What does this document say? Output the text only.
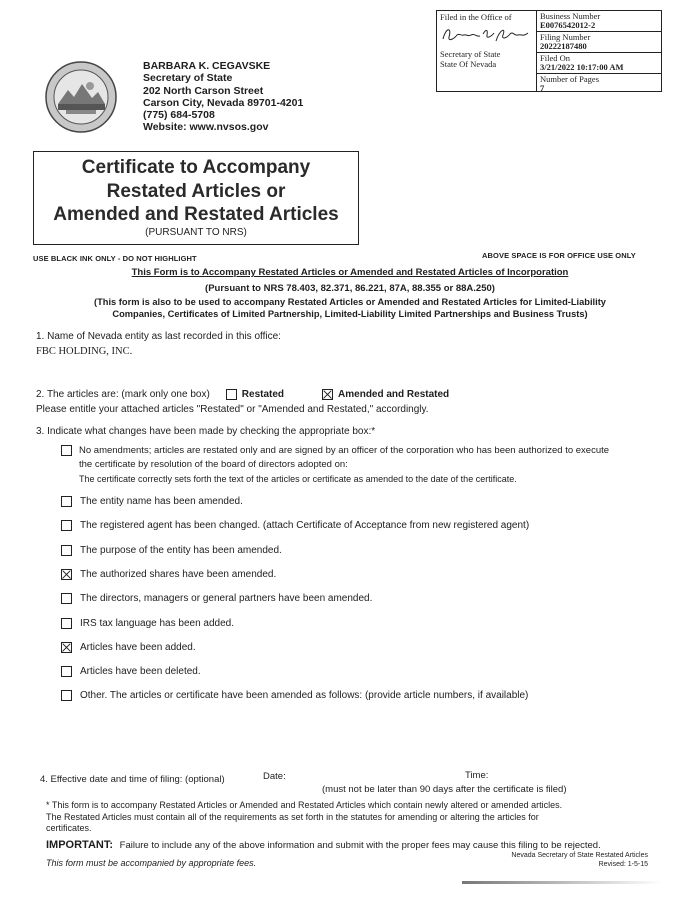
Filed in the Office of
Secretary of State
State Of Nevada
Business Number
E0076542012-2
Filing Number
20222187480
Filed On
3/21/2022 10:17:00 AM
Number of Pages
7
BARBARA K. CEGAVSKE
Secretary of State
202 North Carson Street
Carson City, Nevada 89701-4201
(775) 684-5708
Website: www.nvsos.gov
Certificate to Accompany
Restated Articles or
Amended and Restated Articles
(PURSUANT TO NRS)
USE BLACK INK ONLY - DO NOT HIGHLIGHT	ABOVE SPACE IS FOR OFFICE USE ONLY
This Form is to Accompany Restated Articles or Amended and Restated Articles of Incorporation
(Pursuant to NRS 78.403, 82.371, 86.221, 87A, 88.355 or 88A.250)
(This form is also to be used to accompany Restated Articles or Amended and Restated Articles for Limited-Liability
Companies, Certificates of Limited Partnership, Limited-Liability Limited Partnerships and Business Trusts)
1. Name of Nevada entity as last recorded in this office:
FBC HOLDING, INC.
2. The articles are: (mark only one box)	Restated	Amended and Restated
Please entitle your attached articles "Restated" or "Amended and Restated," accordingly.
3. Indicate what changes have been made by checking the appropriate box:*
No amendments; articles are restated only and are signed by an officer of the corporation who has been authorized to execute
the certificate by resolution of the board of directors adopted on:
The certificate correctly sets forth the text of the articles or certificate as amended to the date of the certificate.
The entity name has been amended.
The registered agent has been changed. (attach Certificate of Acceptance from new registered agent)
The purpose of the entity has been amended.
The authorized shares have been amended.
The directors, managers or general partners have been amended.
IRS tax language has been added.
Articles have been added.
Articles have been deleted.
Other. The articles or certificate have been amended as follows: (provide article numbers, if available)
4. Effective date and time of filing: (optional)	Date:	Time:
(must not be later than 90 days after the certificate is filed)
* This form is to accompany Restated Articles or Amended and Restated Articles which contain newly altered or amended articles.
The Restated Articles must contain all of the requirements as set forth in the statutes for amending or altering the articles for
certificates.
IMPORTANT: Failure to include any of the above information and submit with the proper fees may cause this filing to be rejected.
This form must be accompanied by appropriate fees.
Nevada Secretary of State Restated Articles
Revised: 1-5-15
